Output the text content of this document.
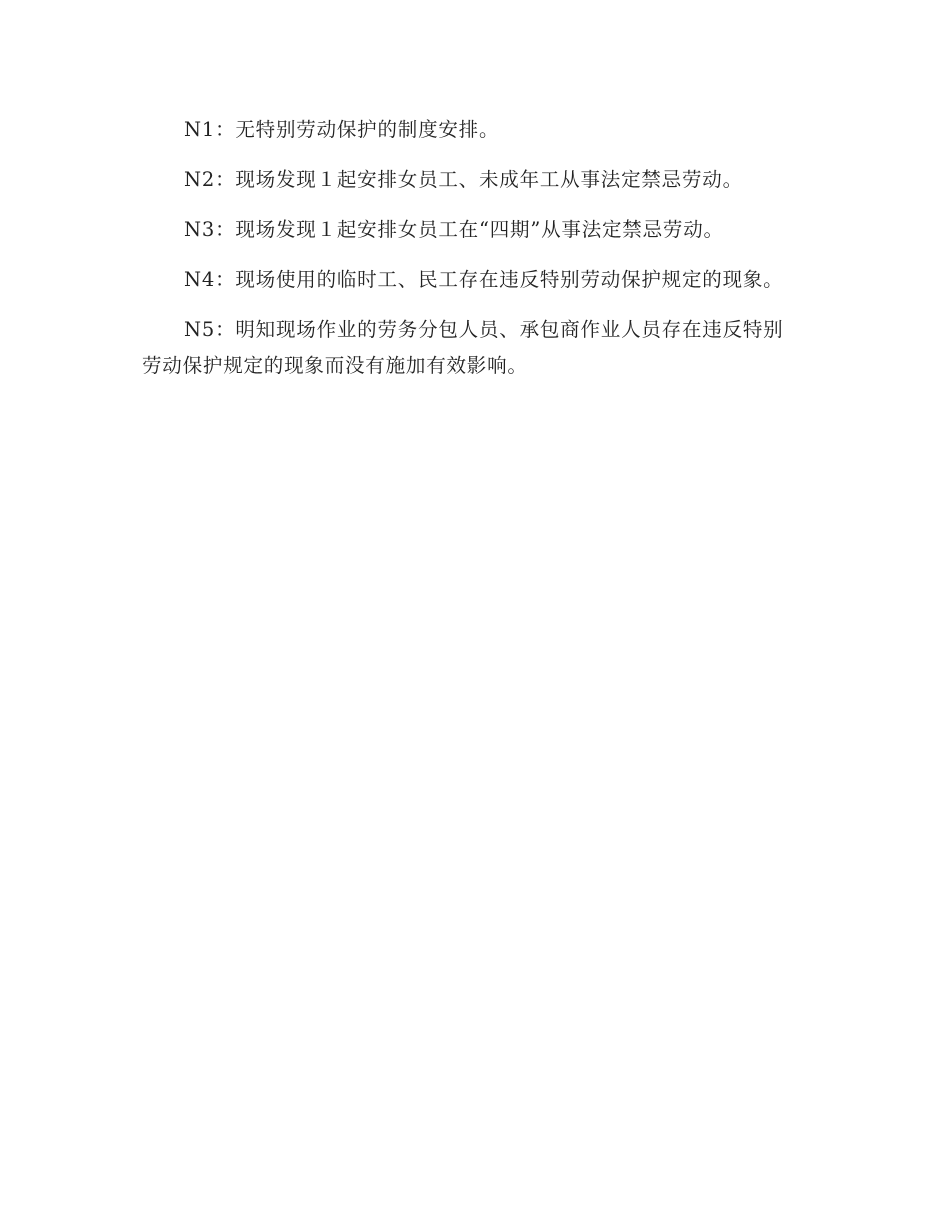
N1：无特别劳动保护的制度安排。

N2：现场发现１起安排女员工、未成年工从事法定禁忌劳动。

N3：现场发现１起安排女员工在“四期”从事法定禁忌劳动。

N4：现场使用的临时工、民工存在违反特别劳动保护规定的现象。

N5：明知现场作业的劳务分包人员、承包商作业人员存在违反特别劳动保护规定的现象而没有施加有效影响。
